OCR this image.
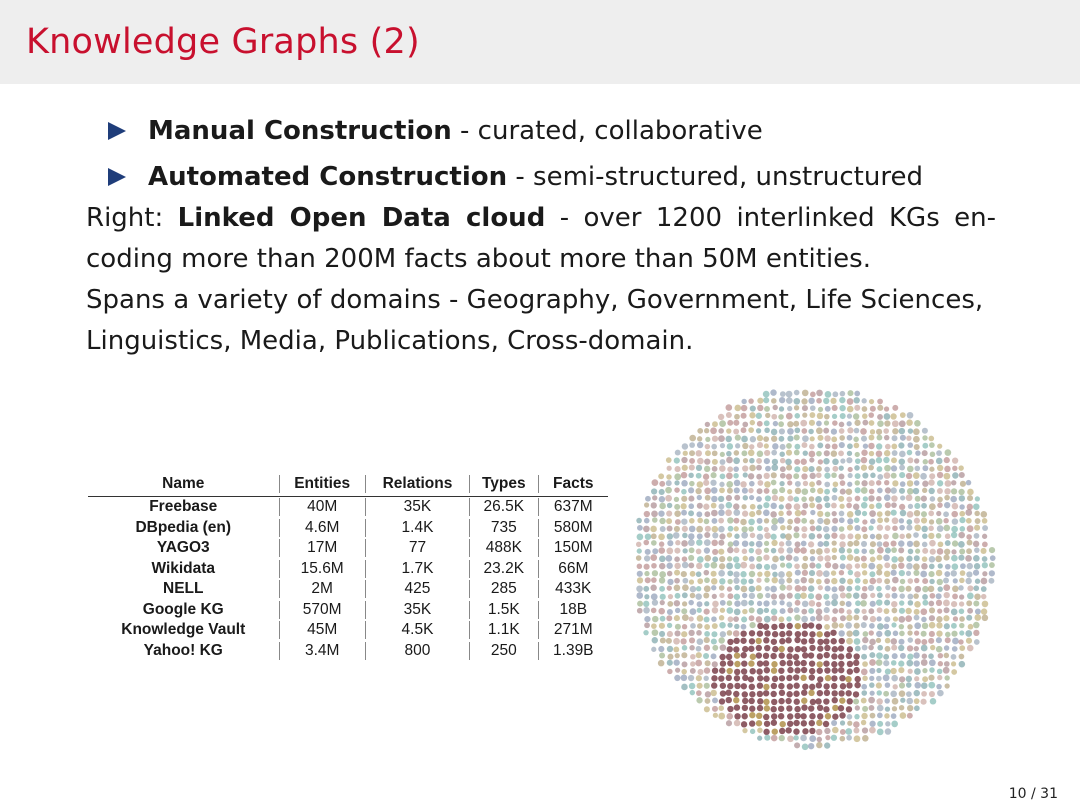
Knowledge Graphs (2)
Manual Construction - curated, collaborative
Automated Construction - semi-structured, unstructured
Right: Linked Open Data cloud - over 1200 interlinked KGs en-
coding more than 200M facts about more than 50M entities.
Spans a variety of domains - Geography, Government, Life Sciences,
Linguistics, Media, Publications, Cross-domain.
Name	Entities	Relations	Types	Facts
Freebase	40M	35K	26.5K	637M
DBpedia (en)	4.6M	1.4K	735	580M
YAGO3	17M	77	488K	150M
Wikidata	15.6M	1.7K	23.2K	66M
NELL	2M	425	285	433K
Google KG	570M	35K	1.5K	18B
Knowledge Vault	45M	4.5K	1.1K	271M
Yahoo! KG	3.4M	800	250	1.39B
10 / 31
